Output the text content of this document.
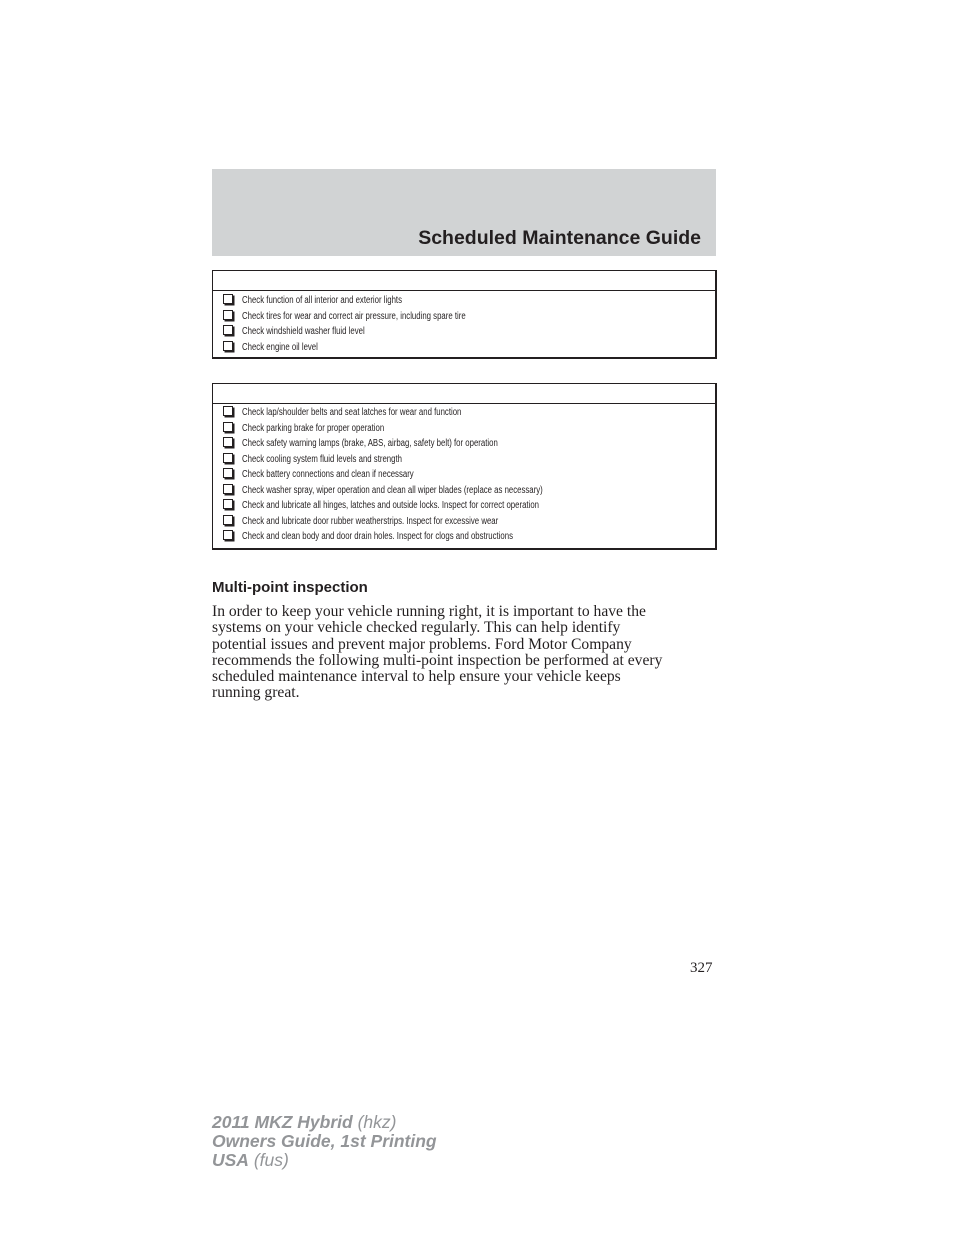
Scheduled Maintenance Guide
Check function of all interior and exterior lights
Check tires for wear and correct air pressure, including spare tire
Check windshield washer fluid level
Check engine oil level
Check lap/shoulder belts and seat latches for wear and function
Check parking brake for proper operation
Check safety warning lamps (brake, ABS, airbag, safety belt) for operation
Check cooling system fluid levels and strength
Check battery connections and clean if necessary
Check washer spray, wiper operation and clean all wiper blades (replace as necessary)
Check and lubricate all hinges, latches and outside locks. Inspect for correct operation
Check and lubricate door rubber weatherstrips. Inspect for excessive wear
Check and clean body and door drain holes. Inspect for clogs and obstructions
Multi-point inspection
In order to keep your vehicle running right, it is important to have the
systems on your vehicle checked regularly. This can help identify
potential issues and prevent major problems. Ford Motor Company
recommends the following multi-point inspection be performed at every
scheduled maintenance interval to help ensure your vehicle keeps
running great.
327
2011 MKZ Hybrid (hkz)
Owners Guide, 1st Printing
USA (fus)
